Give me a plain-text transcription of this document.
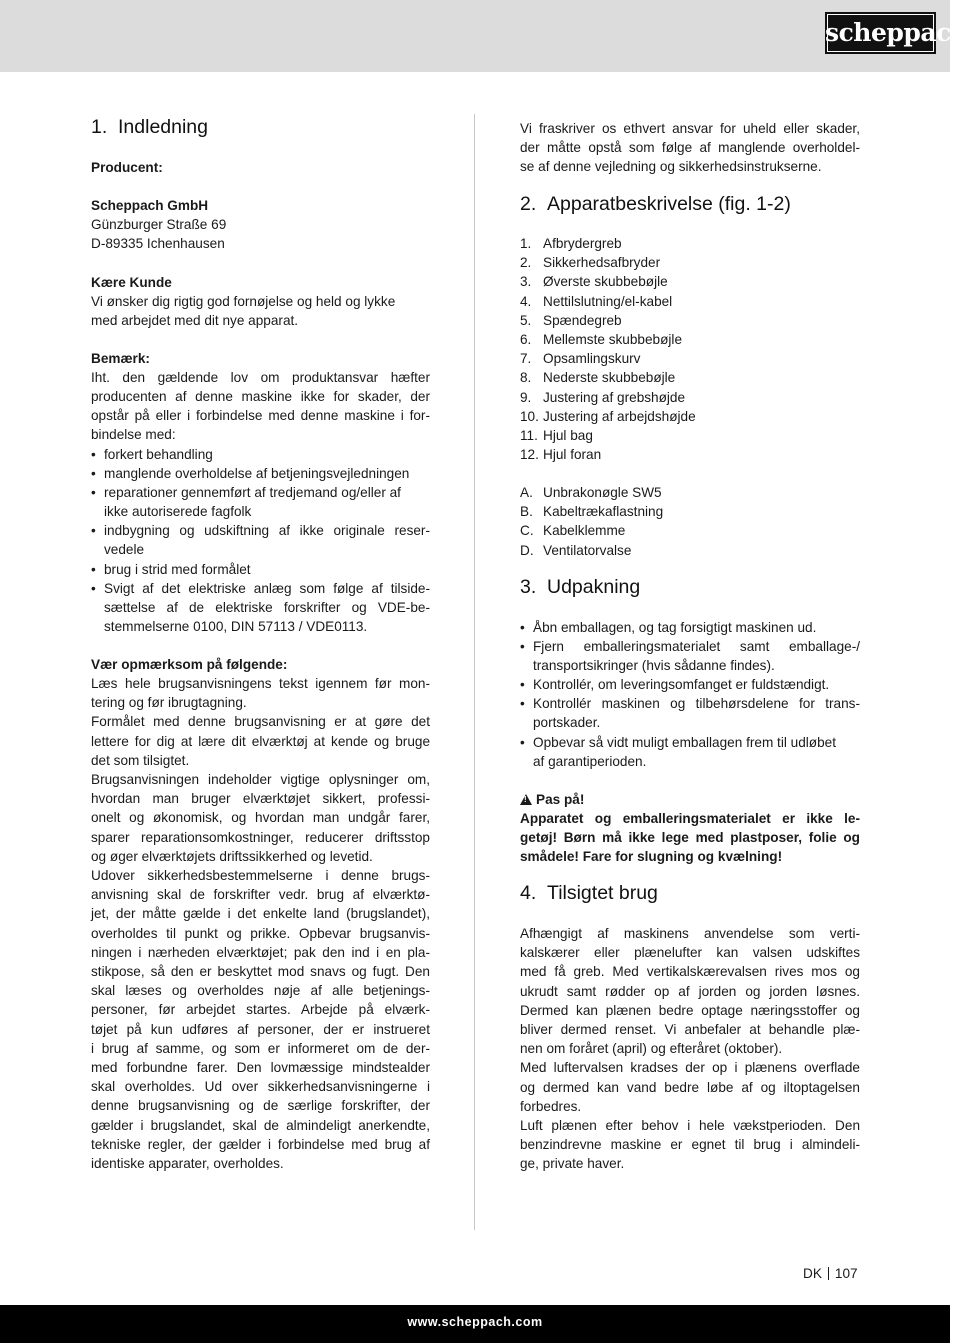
scheppach
1. Indledning
Producent:
Scheppach GmbH
Günzburger Straße 69
D-89335 Ichenhausen
Kære Kunde
Vi ønsker dig rigtig god fornøjelse og held og lykke
med arbejdet med dit nye apparat.
Bemærk:
Iht. den gældende lov om produktansvar hæfter
producenten af denne maskine ikke for skader, der
opstår på eller i forbindelse med denne maskine i for-
bindelse med:
• forkert behandling
• manglende overholdelse af betjeningsvejledningen
• reparationer gennemført af tredjemand og/eller af
ikke autoriserede fagfolk
• indbygning og udskiftning af ikke originale reser-
vedele
• brug i strid med formålet
• Svigt af det elektriske anlæg som følge af tilside-
sættelse af de elektriske forskrifter og VDE-be-
stemmelserne 0100, DIN 57113 / VDE0113.
Vær opmærksom på følgende:
Læs hele brugsanvisningens tekst igennem før mon-
tering og før ibrugtagning.
Formålet med denne brugsanvisning er at gøre det
lettere for dig at lære dit elværktøj at kende og bruge
det som tilsigtet.
Brugsanvisningen indeholder vigtige oplysninger om,
hvordan man bruger elværktøjet sikkert, professi-
onelt og økonomisk, og hvordan man undgår farer,
sparer reparationsomkostninger, reducerer driftsstop
og øger elværktøjets driftssikkerhed og levetid.
Udover sikkerhedsbestemmelserne i denne brugs-
anvisning skal de forskrifter vedr. brug af elværktø-
jet, der måtte gælde i det enkelte land (brugslandet),
overholdes til punkt og prikke. Opbevar brugsanvis-
ningen i nærheden elværktøjet; pak den ind i en pla-
stikpose, så den er beskyttet mod snavs og fugt. Den
skal læses og overholdes nøje af alle betjenings-
personer, før arbejdet startes. Arbejde på elværk-
tøjet på kun udføres af personer, der er instrueret
i brug af samme, og som er informeret om de der-
med forbundne farer. Den lovmæssige mindstealder
skal overholdes. Ud over sikkerhedsanvisningerne i
denne brugsanvisning og de særlige forskrifter, der
gælder i brugslandet, skal de almindeligt anerkendte,
tekniske regler, der gælder i forbindelse med brug af
identiske apparater, overholdes.
Vi fraskriver os ethvert ansvar for uheld eller skader,
der måtte opstå som følge af manglende overholdel-
se af denne vejledning og sikkerhedsinstrukserne.
2. Apparatbeskrivelse (fig. 1-2)
1. Afbrydergreb
2. Sikkerhedsafbryder
3. Øverste skubbebøjle
4. Nettilslutning/el-kabel
5. Spændegreb
6. Mellemste skubbebøjle
7. Opsamlingskurv
8. Nederste skubbebøjle
9. Justering af grebshøjde
10. Justering af arbejdshøjde
11. Hjul bag
12. Hjul foran
A. Unbrakonøgle SW5
B. Kabeltrækaflastning
C. Kabelklemme
D. Ventilatorvalse
3. Udpakning
• Åbn emballagen, og tag forsigtigt maskinen ud.
• Fjern emballeringsmaterialet samt emballage-/
transportsikringer (hvis sådanne findes).
• Kontrollér, om leveringsomfanget er fuldstændigt.
• Kontrollér maskinen og tilbehørsdelene for trans-
portskader.
• Opbevar så vidt muligt emballagen frem til udløbet
af garantiperioden.
!Pas på!
Apparatet og emballeringsmaterialet er ikke le-
getøj! Børn må ikke lege med plastposer, folie og
smådele! Fare for slugning og kvælning!
4. Tilsigtet brug
Afhængigt af maskinens anvendelse som verti-
kalskærer eller plænelufter kan valsen udskiftes
med få greb. Med vertikalskærevalsen rives mos og
ukrudt samt rødder op af jorden og jorden løsnes.
Dermed kan plænen bedre optage næringsstoffer og
bliver dermed renset. Vi anbefaler at behandle plæ-
nen om foråret (april) og efteråret (oktober).
Med luftervalsen kradses der op i plænens overflade
og dermed kan vand bedre løbe af og iltoptagelsen
forbedres.
Luft plænen efter behov i hele vækstperioden. Den
benzindrevne maskine er egnet til brug i almindeli-
ge, private haver.
DK 107
www.scheppach.com
